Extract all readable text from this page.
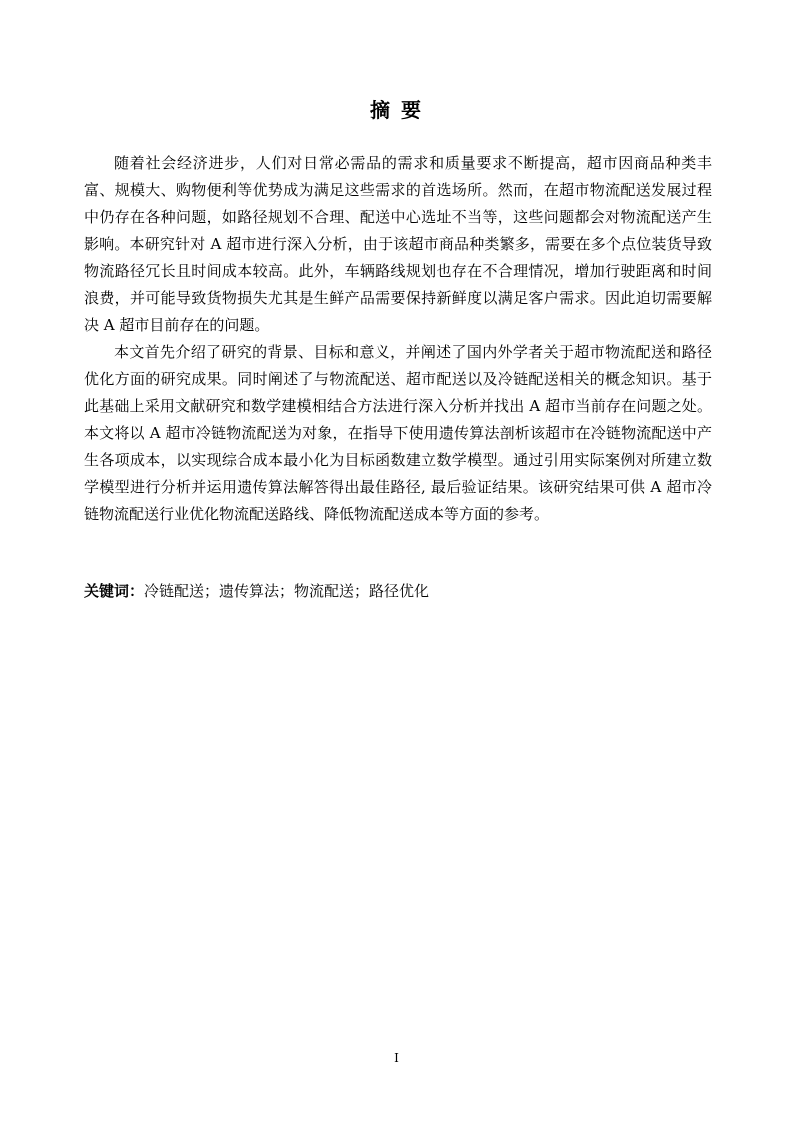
摘 要

随着社会经济进步，人们对日常必需品的需求和质量要求不断提高，超市因商品种类丰富、规模大、购物便利等优势成为满足这些需求的首选场所。然而，在超市物流配送发展过程中仍存在各种问题，如路径规划不合理、配送中心选址不当等，这些问题都会对物流配送产生影响。本研究针对 A 超市进行深入分析，由于该超市商品种类繁多，需要在多个点位装货导致物流路径冗长且时间成本较高。此外，车辆路线规划也存在不合理情况，增加行驶距离和时间浪费，并可能导致货物损失尤其是生鲜产品需要保持新鲜度以满足客户需求。因此迫切需要解决 A 超市目前存在的问题。

本文首先介绍了研究的背景、目标和意义，并阐述了国内外学者关于超市物流配送和路径优化方面的研究成果。同时阐述了与物流配送、超市配送以及冷链配送相关的概念知识。基于此基础上采用文献研究和数学建模相结合方法进行深入分析并找出 A 超市当前存在问题之处。本文将以 A 超市冷链物流配送为对象，在指导下使用遗传算法剖析该超市在冷链物流配送中产生各项成本，以实现综合成本最小化为目标函数建立数学模型。通过引用实际案例对所建立数学模型进行分析并运用遗传算法解答得出最佳路径, 最后验证结果。该研究结果可供 A 超市冷链物流配送行业优化物流配送路线、降低物流配送成本等方面的参考。

关键词：冷链配送；遗传算法；物流配送；路径优化
I
